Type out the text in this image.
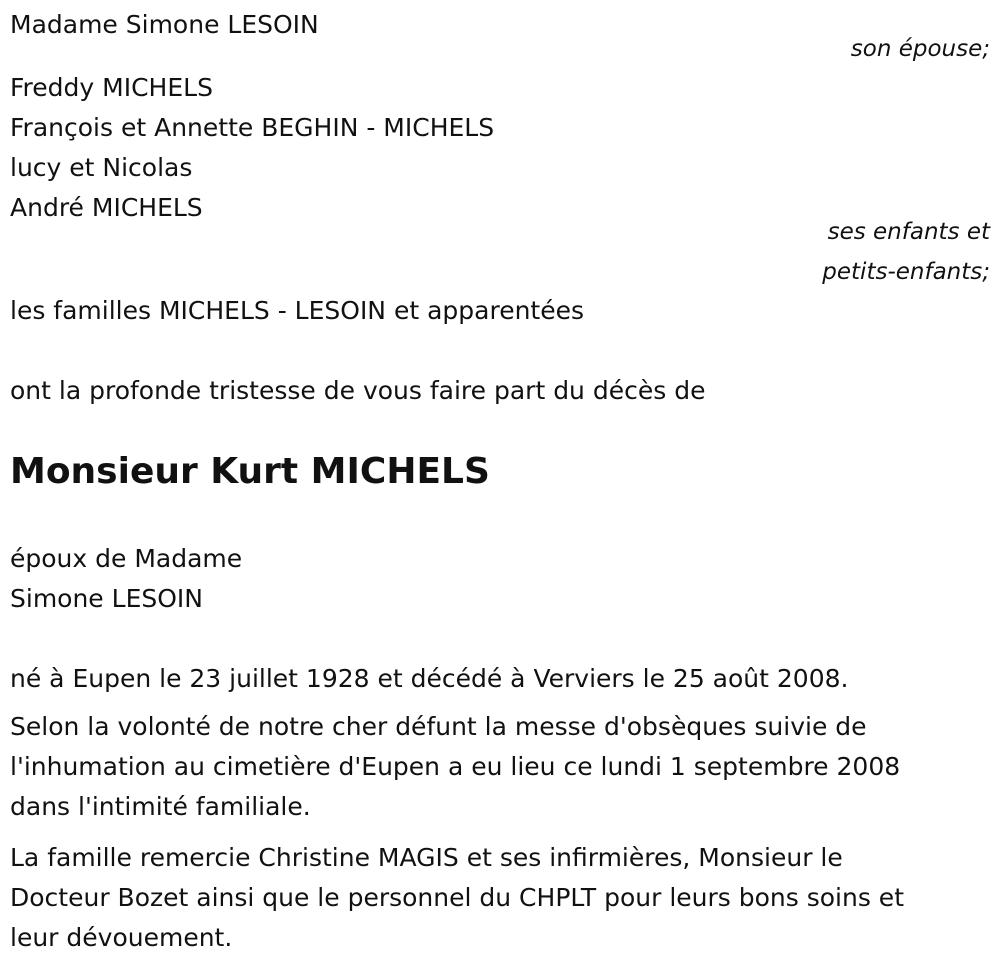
Madame Simone LESOIN
son épouse;
Freddy MICHELS
François et Annette BEGHIN - MICHELS
lucy et Nicolas
André MICHELS
ses enfants et
petits-enfants;
les familles MICHELS - LESOIN et apparentées
ont la profonde tristesse de vous faire part du décès de
Monsieur Kurt MICHELS
époux de Madame
Simone LESOIN
né à Eupen le 23 juillet 1928 et décédé à Verviers le 25 août 2008.
Selon la volonté de notre cher défunt la messe d'obsèques suivie de
l'inhumation au cimetière d'Eupen a eu lieu ce lundi 1 septembre 2008
dans l'intimité familiale.
La famille remercie Christine MAGIS et ses infirmières, Monsieur le
Docteur Bozet ainsi que le personnel du CHPLT pour leurs bons soins et
leur dévouement.
